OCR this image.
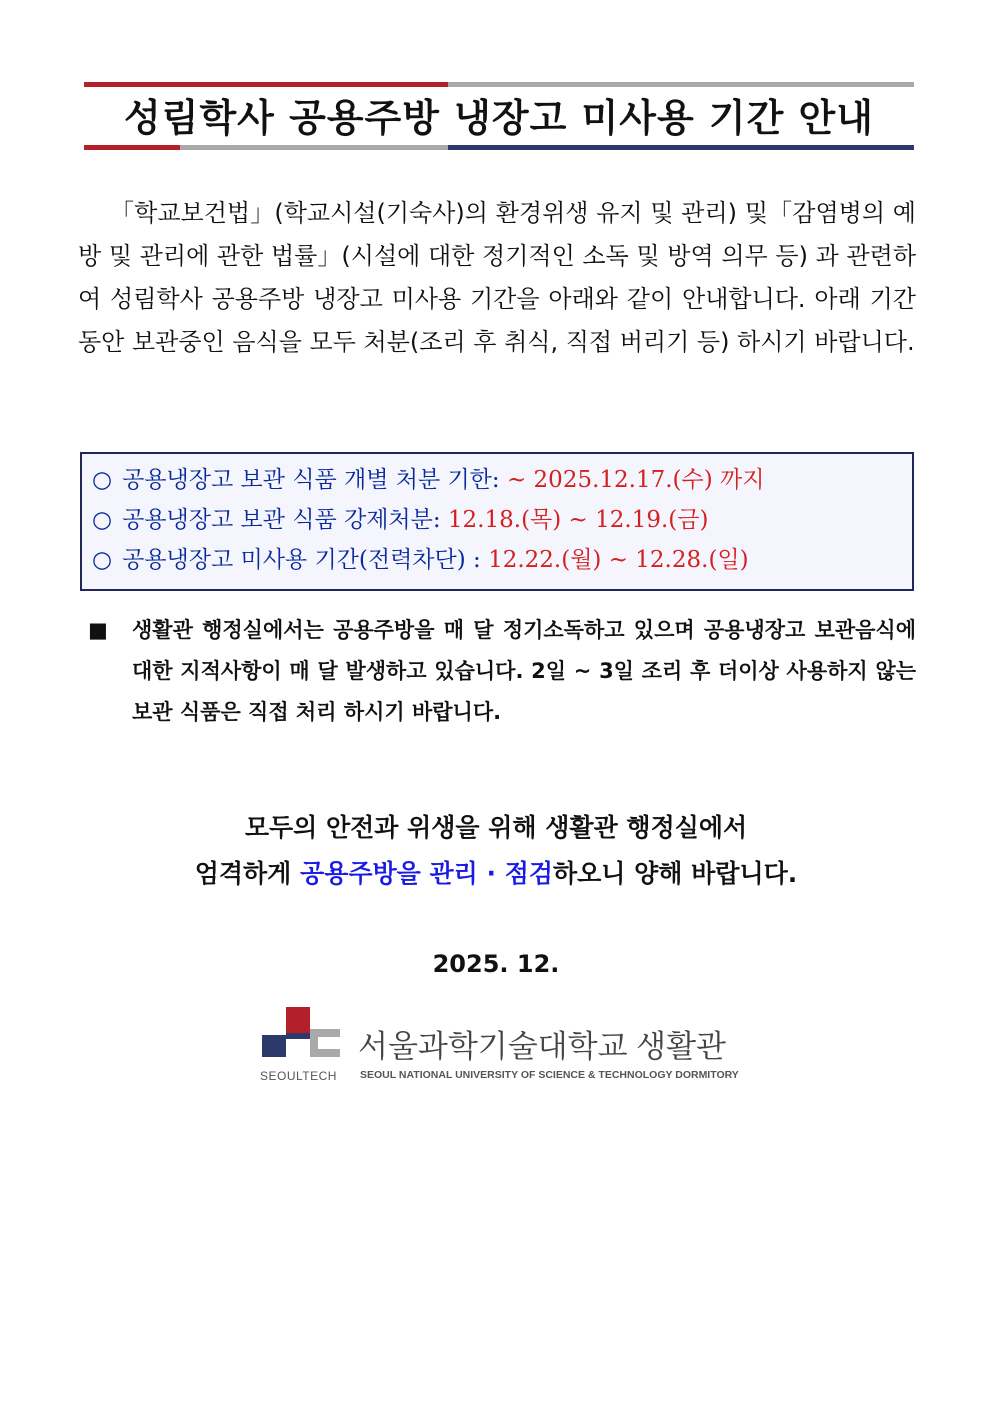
성림학사 공용주방 냉장고 미사용 기간 안내

「학교보건법」(학교시설(기숙사)의 환경위생 유지 및 관리) 및「감염병의 예방 및 관리에 관한 법률」(시설에 대한 정기적인 소독 및 방역 의무 등) 과 관련하여 성림학사 공용주방 냉장고 미사용 기간을 아래와 같이 안내합니다. 아래 기간동안 보관중인 음식을 모두 처분(조리 후 취식, 직접 버리기 등) 하시기 바랍니다.

○ 공용냉장고 보관 식품 개별 처분 기한: ~ 2025.12.17.(수) 까지
○ 공용냉장고 보관 식품 강제처분: 12.18.(목) ~ 12.19.(금)
○ 공용냉장고 미사용 기간(전력차단) : 12.22.(월) ~ 12.28.(일)
■ 생활관 행정실에서는 공용주방을 매 달 정기소독하고 있으며 공용냉장고 보관음식에 대한 지적사항이 매 달 발생하고 있습니다. 2일 ~ 3일 조리 후 더이상 사용하지 않는 보관 식품은 직접 처리 하시기 바랍니다.
모두의 안전과 위생을 위해 생활관 행정실에서
엄격하게 공용주방을 관리 · 점검하오니 양해 바랍니다.
2025. 12.
SEOULTECH
서울과학기술대학교 생활관
SEOUL NATIONAL UNIVERSITY OF SCIENCE & TECHNOLOGY DORMITORY
